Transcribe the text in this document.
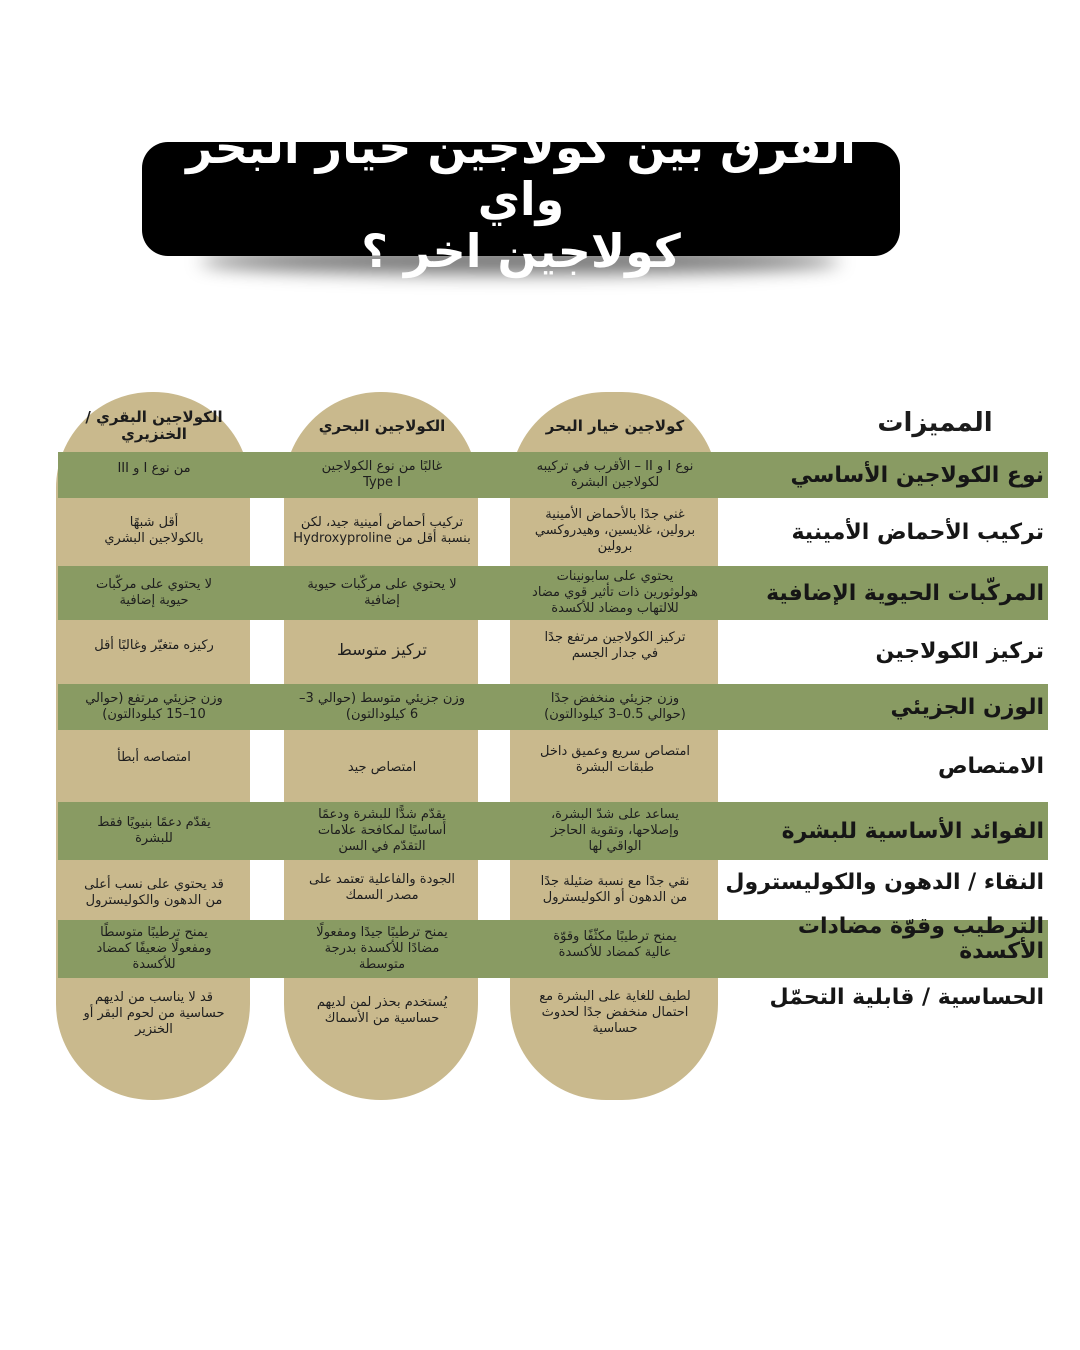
الفرق بين كولاجين خيار البحر واي
كولاجين اخر ؟
المميزات
كولاجين خيار البحر
الكولاجين البحري
الكولاجين البقري /
الخنزيري
نوع الكولاجين الأساسي
نوع I و II – الأقرب في تركيبه
لكولاجين البشرة
غالبًا من نوع الكولاجين
Type I
من نوع I و III
تركيب الأحماض الأمينية
غني جدًا بالأحماض الأمينية
برولين، غلايسين، وهيدروكسي
برولين
تركيب أحماض أمينية جيد، لكن
بنسبة أقل من Hydroxyproline
أقل شبهًا
بالكولاجين البشري
المركّبات الحيوية الإضافية
يحتوي على سابونينات
هولوثورين ذات تأثير قوي مضاد
للالتهاب ومضاد للأكسدة
لا يحتوي على مركّبات حيوية
إضافية
لا يحتوي على مركّبات
حيوية إضافية
تركيز الكولاجين
تركيز الكولاجين مرتفع جدًا
في جدار الجسم
تركيز متوسط
ركيزه متغيّر وغالبًا أقل
الوزن الجزيئي
وزن جزيئي منخفض جدًا
(حوالي 0.5–3 كيلودالتون)
وزن جزيئي متوسط (حوالي 3–
6 كيلودالتون)
وزن جزيئي مرتفع (حوالي
10–15 كيلودالتون)
الامتصاص
امتصاص سريع وعميق داخل
طبقات البشرة
امتصاص جيد
امتصاصه أبطأ
الفوائد الأساسية للبشرة
يساعد على شدّ البشرة،
وإصلاحها، وتقوية الحاجز
الواقي لها
يقدّم شدًّا للبشرة ودعمًا
أساسيًا لمكافحة علامات
التقدّم في السن
يقدّم دعمًا بنيويًا فقط
للبشرة
النقاء / الدهون والكوليسترول
نقي جدًا مع نسبة ضئيلة جدًا
من الدهون أو الكوليسترول
الجودة والفاعلية تعتمد على
مصدر السمك
قد يحتوي على نسب أعلى
من الدهون والكوليسترول
الترطيب وقوّة مضادات الأكسدة
يمنح ترطيبًا مكثّفًا وقوّة
عالية كمضاد للأكسدة
يمنح ترطيبًا جيدًا ومفعولًا
مضادًا للأكسدة بدرجة
متوسطة
يمنح ترطيبًا متوسطًا
ومفعولًا ضعيفًا كمضاد
للأكسدة
الحساسية / قابلية التحمّل
لطيف للغاية على البشرة مع
احتمال منخفض جدًا لحدوث
حساسية
يُستخدم بحذر لمن لديهم
حساسية من الأسماك
قد لا يناسب من لديهم
حساسية من لحوم البقر أو
الخنزير
